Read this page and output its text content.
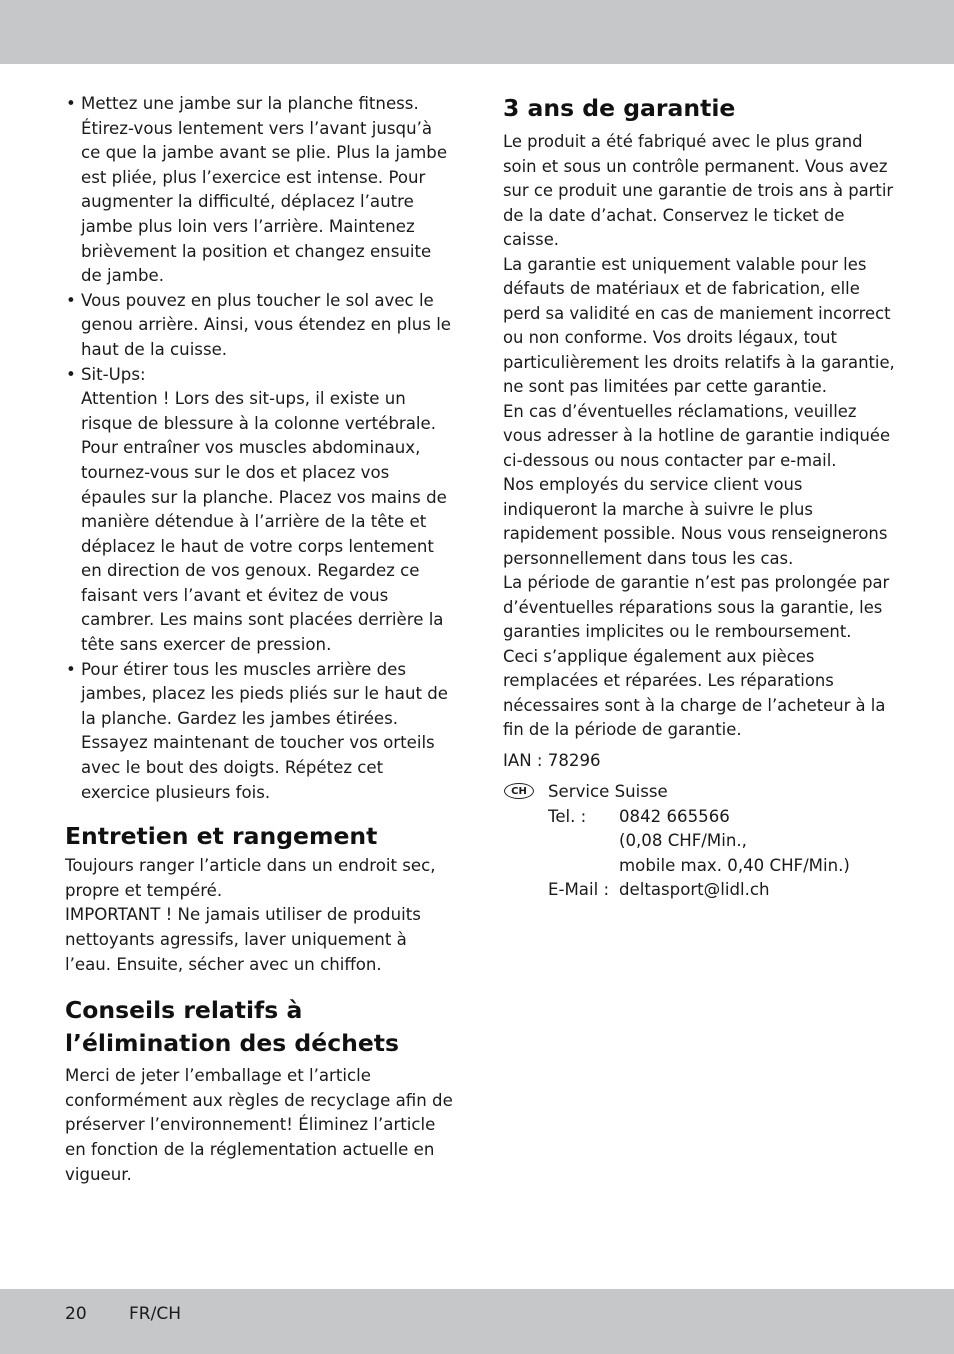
• Mettez une jambe sur la planche fitness. Étirez-vous lentement vers l’avant jusqu’à ce que la jambe avant se plie. Plus la jambe est pliée, plus l’exercice est intense. Pour augmenter la difficulté, déplacez l’autre jambe plus loin vers l’arrière. Maintenez brièvement la position et changez ensuite de jambe.
• Vous pouvez en plus toucher le sol avec le genou arrière. Ainsi, vous étendez en plus le haut de la cuisse.
• Sit-Ups:

Attention ! Lors des sit-ups, il existe un risque de blessure à la colonne vertébrale.

Pour entraîner vos muscles abdominaux, tournez-vous sur le dos et placez vos épaules sur la planche. Placez vos mains de manière détendue à l’arrière de la tête et déplacez le haut de votre corps lentement en direction de vos genoux. Regardez ce faisant vers l’avant et évitez de vous cambrer. Les mains sont placées derrière la tête sans exercer de pression.

• Pour étirer tous les muscles arrière des jambes, placez les pieds pliés sur le haut de la planche. Gardez les jambes étirées. Essayez maintenant de toucher vos orteils avec le bout des doigts. Répétez cet exercice plusieurs fois.
Entretien et rangement

Toujours ranger l’article dans un endroit sec, propre et tempéré.

IMPORTANT ! Ne jamais utiliser de produits nettoyants agressifs, laver uniquement à l’eau. Ensuite, sécher avec un chiffon.

Conseils relatifs à
l’élimination des déchets

Merci de jeter l’emballage et l’article conformément aux règles de recyclage afin de préserver l’environnement! Éliminez l’article en fonction de la réglementation actuelle en vigueur.

3 ans de garantie

Le produit a été fabriqué avec le plus grand soin et sous un contrôle permanent. Vous avez sur ce produit une garantie de trois ans à partir de la date d’achat. Conservez le ticket de caisse.

La garantie est uniquement valable pour les défauts de matériaux et de fabrication, elle perd sa validité en cas de maniement incorrect ou non conforme. Vos droits légaux, tout particulièrement les droits relatifs à la garantie, ne sont pas limitées par cette garantie.

En cas d’éventuelles réclamations, veuillez vous adresser à la hotline de garantie indiquée ci-dessous ou nous contacter par e-mail.

Nos employés du service client vous indiqueront la marche à suivre le plus rapidement possible. Nous vous renseignerons personnellement dans tous les cas.

La période de garantie n’est pas prolongée par d’éventuelles réparations sous la garantie, les garanties implicites ou le remboursement.

Ceci s’applique également aux pièces remplacées et réparées. Les réparations nécessaires sont à la charge de l’acheteur à la fin de la période de garantie.

IAN : 78296

CH	Service Suisse
Tel. : 0842 665566
(0,08 CHF/Min.,
mobile max. 0,40 CHF/Min.)
E-Mail : deltasport@lidl.ch
20 FR/CH
